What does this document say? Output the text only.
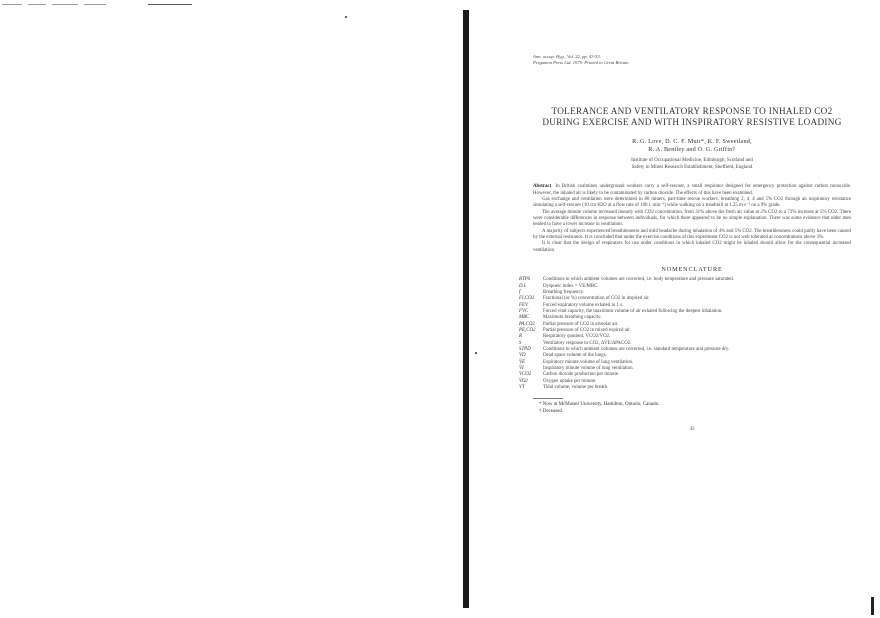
Ann. occup. Hyg., Vol. 22, pp. 43-53.
Pergamon Press Ltd. 1979. Printed in Great Britain
TOLERANCE AND VENTILATORY RESPONSE TO INHALED CO2 DURING EXERCISE AND WITH INSPIRATORY RESISTIVE LOADING
R. G. Love, D. C. F. Muir*, K. F. Sweetland,
R. A. Bentley and O. G. Griffin†
Institute of Occupational Medicine, Edinburgh, Scotland and
Safety in Mines Research Establishment, Sheffield, England

Abstract In British coalmines underground workers carry a self-rescuer, a small respirator designed for emergency protection against carbon monoxide. However, the inhaled air is likely to be contaminated by carbon dioxide. The effects of this have been examined.

Gas exchange and ventilation were determined in 80 miners, part-time rescue workers, breathing 2, 4, 4 and 5% CO2 through an inspiratory resistance simulating a self-rescuer (10 cm H2O at a flow rate of 100 l. min⁻¹) while walking on a treadmill at 1.25 m s⁻¹ on a 9% grade.

The average minute volume increased linearly with CO2 concentration, from 31% above the fresh air value at 2% CO2 to a 73% increase at 5% CO2. There were considerable differences in response between individuals, for which there appeared to be no simple explanation. There was some evidence that older men tended to have a lower increase in ventilation.

A majority of subjects experienced breathlessness and mild headache during inhalation of 4% and 5% CO2. The breathlessness could partly have been caused by the external resistance. It is concluded that under the exercise conditions of this experiment CO2 is not well tolerated at concentrations above 3%.

It is clear that the design of respirators for use under conditions in which inhaled CO2 might be inhaled should allow for the consequential increased ventilation.

NOMENCLATURE
BTPS	Conditions to which ambient volumes are corrected, i.e. body temperature and pressure saturated.
D.I.	Dyspneic index = V̇E/MBC.
f	Breathing frequency.
FI,CO2	Fractional (or %) concentration of CO2 in inspired air.
FEV	Forced expiratory volume exhaled in 1 s.
FVC	Forced vital capacity, the maximum volume of air exhaled following the deepest inhalation.
MBC	Maximum breathing capacity.
PA,CO2	Partial pressure of CO2 in alveolar air.
PE,CO2	Partial pressure of CO2 in mixed expired air.
R	Respiratory quotient, V̇CO2/V̇O2.
S	Ventilatory response to CO2, ΔV̇E/ΔPACO2.
STPD	Conditions to which ambient volumes are corrected, i.e. standard temperature and pressure dry.
VD	Dead space volume of the lungs.
V̇E	Expiratory minute volume of lung ventilation.
V̇I	Inspiratory minute volume of lung ventilation.
V̇CO2	Carbon dioxide production per minute.
V̇O2	Oxygen uptake per minute.
VT	Tidal volume, volume per breath.
* Now at McMaster University, Hamilton, Ontario, Canada.
† Deceased.
43
